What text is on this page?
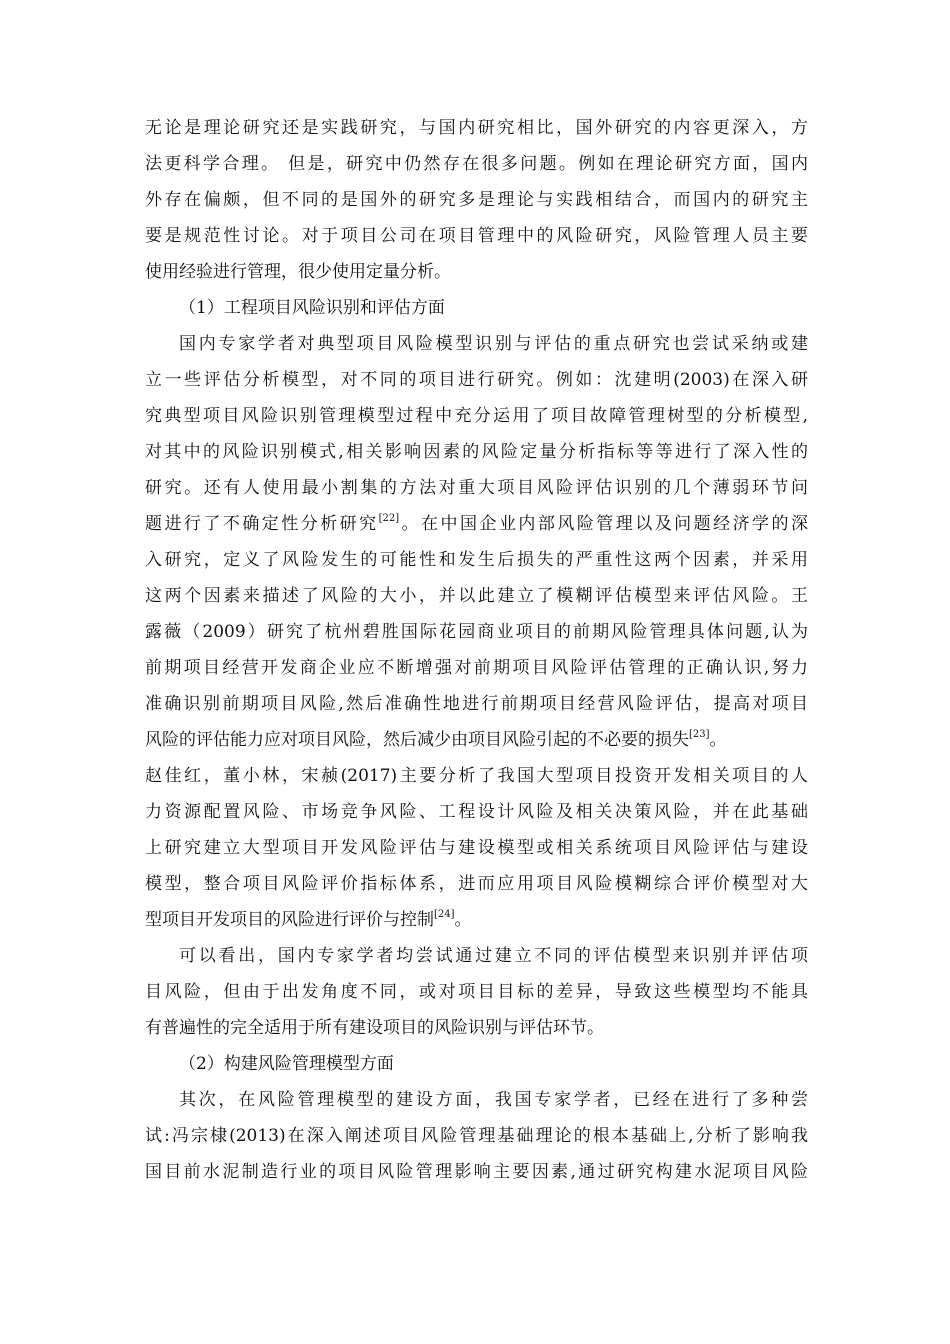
无论是理论研究还是实践研究，与国内研究相比，国外研究的内容更深入，方
法更科学合理。 但是，研究中仍然存在很多问题。例如在理论研究方面，国内
外存在偏颇，但不同的是国外的研究多是理论与实践相结合，而国内的研究主
要是规范性讨论。对于项目公司在项目管理中的风险研究，风险管理人员主要
使用经验进行管理，很少使用定量分析。
（1）工程项目风险识别和评估方面
国内专家学者对典型项目风险模型识别与评估的重点研究也尝试采纳或建
立一些评估分析模型，对不同的项目进行研究。例如：沈建明(2003)在深入研
究典型项目风险识别管理模型过程中充分运用了项目故障管理树型的分析模型,
对其中的风险识别模式,相关影响因素的风险定量分析指标等等进行了深入性的
研究。还有人使用最小割集的方法对重大项目风险评估识别的几个薄弱环节问
题进行了不确定性分析研究[22]。在中国企业内部风险管理以及问题经济学的深
入研究，定义了风险发生的可能性和发生后损失的严重性这两个因素，并采用
这两个因素来描述了风险的大小，并以此建立了模糊评估模型来评估风险。王
露薇（2009）研究了杭州碧胜国际花园商业项目的前期风险管理具体问题,认为
前期项目经营开发商企业应不断增强对前期项目风险评估管理的正确认识,努力
准确识别前期项目风险,然后准确性地进行前期项目经营风险评估，提高对项目
风险的评估能力应对项目风险，然后减少由项目风险引起的不必要的损失[23]。
赵佳红，董小林，宋赪(2017)主要分析了我国大型项目投资开发相关项目的人
力资源配置风险、市场竞争风险、工程设计风险及相关决策风险，并在此基础
上研究建立大型项目开发风险评估与建设模型或相关系统项目风险评估与建设
模型，整合项目风险评价指标体系，进而应用项目风险模糊综合评价模型对大
型项目开发项目的风险进行评价与控制[24]。
可以看出，国内专家学者均尝试通过建立不同的评估模型来识别并评估项
目风险，但由于出发角度不同，或对项目目标的差异，导致这些模型均不能具
有普遍性的完全适用于所有建设项目的风险识别与评估环节。
（2）构建风险管理模型方面
其次，在风险管理模型的建设方面，我国专家学者，已经在进行了多种尝
试:冯宗棣(2013)在深入阐述项目风险管理基础理论的根本基础上,分析了影响我
国目前水泥制造行业的项目风险管理影响主要因素,通过研究构建水泥项目风险
